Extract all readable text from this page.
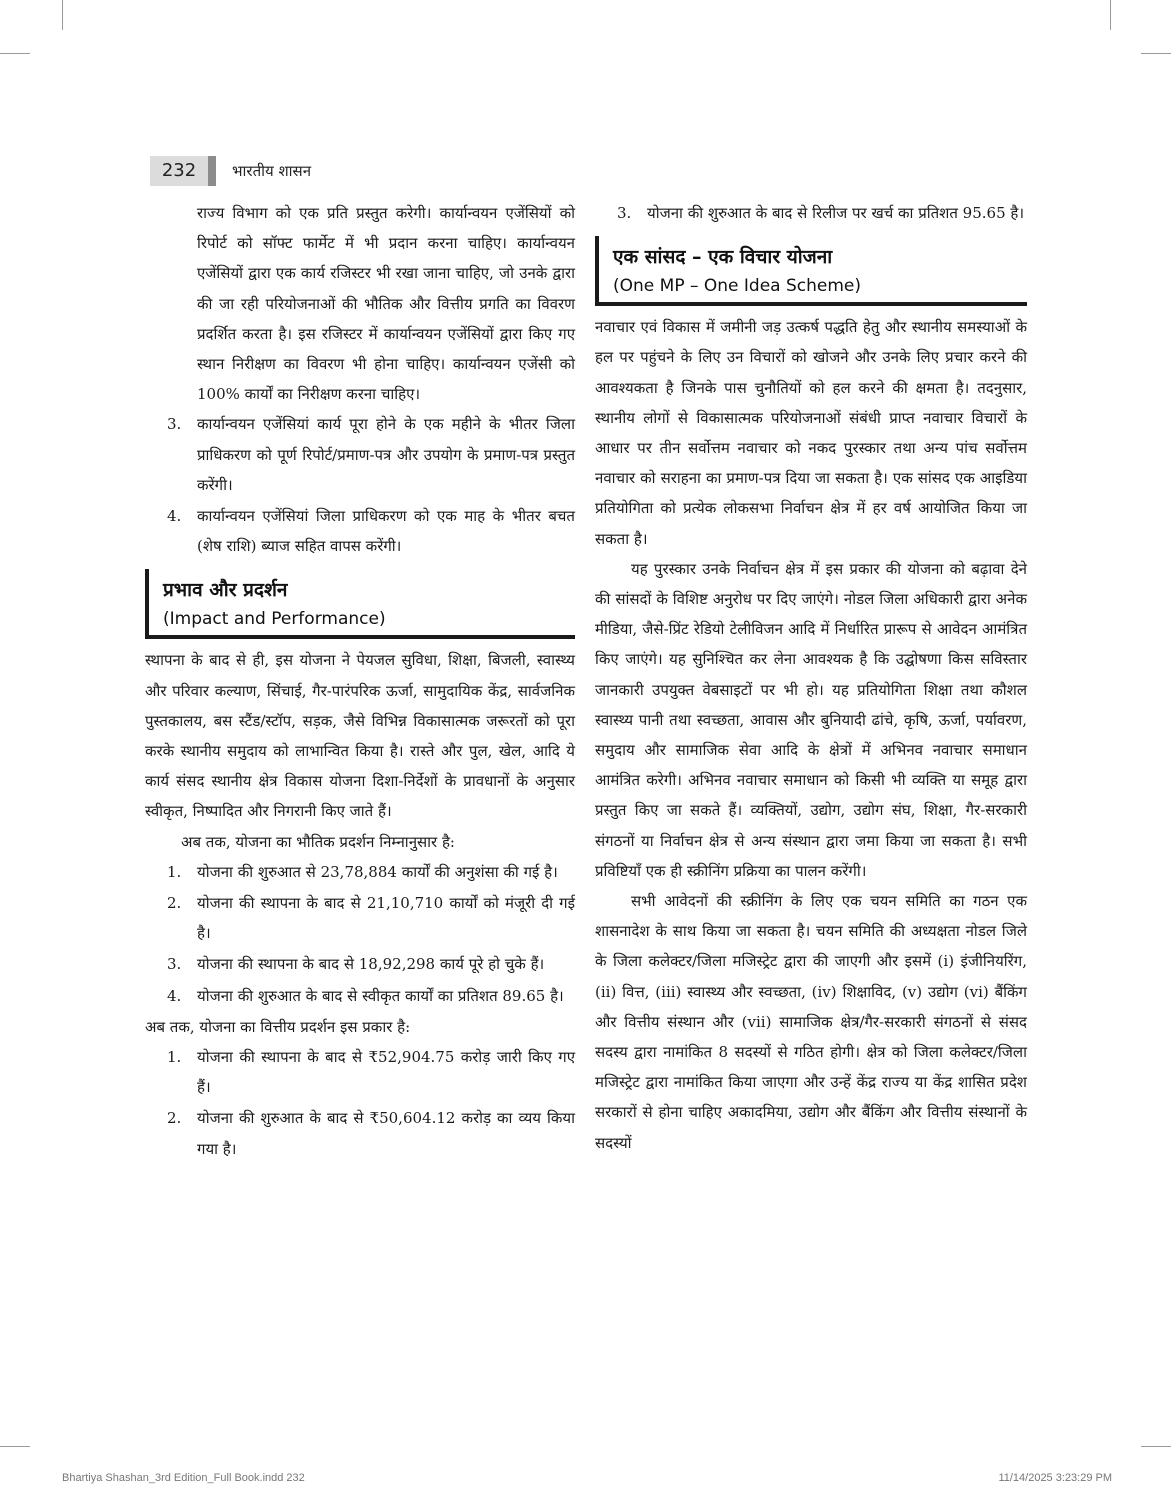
232	भारतीय शासन

राज्य विभाग को एक प्रति प्रस्तुत करेगी। कार्यान्वयन एजेंसियों को रिपोर्ट को सॉफ्ट फार्मेट में भी प्रदान करना चाहिए। कार्यान्वयन एजेंसियों द्वारा एक कार्य रजिस्टर भी रखा जाना चाहिए, जो उनके द्वारा की जा रही परियोजनाओं की भौतिक और वित्तीय प्रगति का विवरण प्रदर्शित करता है। इस रजिस्टर में कार्यान्वयन एजेंसियों द्वारा किए गए स्थान निरीक्षण का विवरण भी होना चाहिए। कार्यान्वयन एजेंसी को 100% कार्यों का निरीक्षण करना चाहिए।

3. कार्यान्वयन एजेंसियां कार्य पूरा होने के एक महीने के भीतर जिला प्राधिकरण को पूर्ण रिपोर्ट/प्रमाण-पत्र और उपयोग के प्रमाण-पत्र प्रस्तुत करेंगी।
4. कार्यान्वयन एजेंसियां जिला प्राधिकरण को एक माह के भीतर बचत (शेष राशि) ब्याज सहित वापस करेंगी।
प्रभाव और प्रदर्शन
(Impact and Performance)

स्थापना के बाद से ही, इस योजना ने पेयजल सुविधा, शिक्षा, बिजली, स्वास्थ्य और परिवार कल्याण, सिंचाई, गैर-पारंपरिक ऊर्जा, सामुदायिक केंद्र, सार्वजनिक पुस्तकालय, बस स्टैंड/स्टॉप, सड़क, जैसे विभिन्न विकासात्मक जरूरतों को पूरा करके स्थानीय समुदाय को लाभान्वित किया है। रास्ते और पुल, खेल, आदि ये कार्य संसद स्थानीय क्षेत्र विकास योजना दिशा-निर्देशों के प्रावधानों के अनुसार स्वीकृत, निष्पादित और निगरानी किए जाते हैं।

अब तक, योजना का भौतिक प्रदर्शन निम्नानुसार है:

1. योजना की शुरुआत से 23,78,884 कार्यों की अनुशंसा की गई है।
2. योजना की स्थापना के बाद से 21,10,710 कार्यों को मंजूरी दी गई है।
3. योजना की स्थापना के बाद से 18,92,298 कार्य पूरे हो चुके हैं।
4. योजना की शुरुआत के बाद से स्वीकृत कार्यों का प्रतिशत 89.65 है।

अब तक, योजना का वित्तीय प्रदर्शन इस प्रकार है:

1. योजना की स्थापना के बाद से ₹52,904.75 करोड़ जारी किए गए हैं।
2. योजना की शुरुआत के बाद से ₹50,604.12 करोड़ का व्यय किया गया है।
3. योजना की शुरुआत के बाद से रिलीज पर खर्च का प्रतिशत 95.65 है।
एक सांसद – एक विचार योजना
(One MP – One Idea Scheme)

नवाचार एवं विकास में जमीनी जड़ उत्कर्ष पद्धति हेतु और स्थानीय समस्याओं के हल पर पहुंचने के लिए उन विचारों को खोजने और उनके लिए प्रचार करने की आवश्यकता है जिनके पास चुनौतियों को हल करने की क्षमता है। तदनुसार, स्थानीय लोगों से विकासात्मक परियोजनाओं संबंधी प्राप्त नवाचार विचारों के आधार पर तीन सर्वोत्तम नवाचार को नकद पुरस्कार तथा अन्य पांच सर्वोत्तम नवाचार को सराहना का प्रमाण-पत्र दिया जा सकता है। एक सांसद एक आइडिया प्रतियोगिता को प्रत्येक लोकसभा निर्वाचन क्षेत्र में हर वर्ष आयोजित किया जा सकता है।

यह पुरस्कार उनके निर्वाचन क्षेत्र में इस प्रकार की योजना को बढ़ावा देने की सांसदों के विशिष्ट अनुरोध पर दिए जाएंगे। नोडल जिला अधिकारी द्वारा अनेक मीडिया, जैसे-प्रिंट रेडियो टेलीविजन आदि में निर्धारित प्रारूप से आवेदन आमंत्रित किए जाएंगे। यह सुनिश्चित कर लेना आवश्यक है कि उद्घोषणा किस सविस्तार जानकारी उपयुक्त वेबसाइटों पर भी हो। यह प्रतियोगिता शिक्षा तथा कौशल स्वास्थ्य पानी तथा स्वच्छता, आवास और बुनियादी ढांचे, कृषि, ऊर्जा, पर्यावरण, समुदाय और सामाजिक सेवा आदि के क्षेत्रों में अभिनव नवाचार समाधान आमंत्रित करेगी। अभिनव नवाचार समाधान को किसी भी व्यक्ति या समूह द्वारा प्रस्तुत किए जा सकते हैं। व्यक्तियों, उद्योग, उद्योग संघ, शिक्षा, गैर-सरकारी संगठनों या निर्वाचन क्षेत्र से अन्य संस्थान द्वारा जमा किया जा सकता है। सभी प्रविष्टियाँ एक ही स्क्रीनिंग प्रक्रिया का पालन करेंगी।

सभी आवेदनों की स्क्रीनिंग के लिए एक चयन समिति का गठन एक शासनादेश के साथ किया जा सकता है। चयन समिति की अध्यक्षता नोडल जिले के जिला कलेक्टर/जिला मजिस्ट्रेट द्वारा की जाएगी और इसमें (i) इंजीनियरिंग, (ii) वित्त, (iii) स्वास्थ्य और स्वच्छता, (iv) शिक्षाविद, (v) उद्योग (vi) बैंकिंग और वित्तीय संस्थान और (vii) सामाजिक क्षेत्र/गैर-सरकारी संगठनों से संसद सदस्य द्वारा नामांकित 8 सदस्यों से गठित होगी। क्षेत्र को जिला कलेक्टर/जिला मजिस्ट्रेट द्वारा नामांकित किया जाएगा और उन्हें केंद्र राज्य या केंद्र शासित प्रदेश सरकारों से होना चाहिए अकादमिया, उद्योग और बैंकिंग और वित्तीय संस्थानों के सदस्यों

Bhartiya Shashan_3rd Edition_Full Book.indd 232	11/14/2025 3:23:29 PM
